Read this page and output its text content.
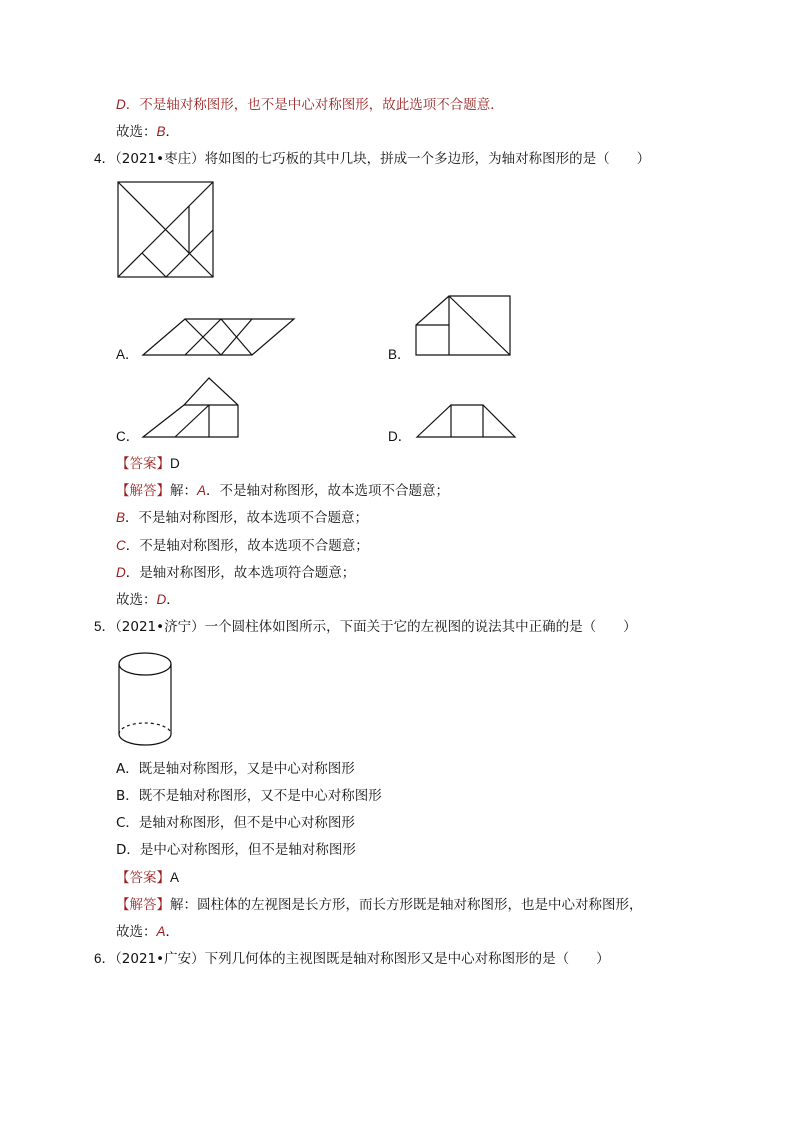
D．不是轴对称图形，也不是中心对称图形，故此选项不合题意．
故选：B．
4．（2021•枣庄）将如图的七巧板的其中几块，拼成一个多边形，为轴对称图形的是（　　）
A．	B．
C．	D．
【答案】D
【解答】解：A．不是轴对称图形，故本选项不合题意；
B．不是轴对称图形，故本选项不合题意；
C．不是轴对称图形，故本选项不合题意；
D．是轴对称图形，故本选项符合题意；
故选：D．
5．（2021•济宁）一个圆柱体如图所示，下面关于它的左视图的说法其中正确的是（　　）
A．既是轴对称图形，又是中心对称图形
B．既不是轴对称图形，又不是中心对称图形
C．是轴对称图形，但不是中心对称图形
D．是中心对称图形，但不是轴对称图形
【答案】A
【解答】解：圆柱体的左视图是长方形，而长方形既是轴对称图形，也是中心对称图形，
故选：A．
6．（2021•广安）下列几何体的主视图既是轴对称图形又是中心对称图形的是（　　）
